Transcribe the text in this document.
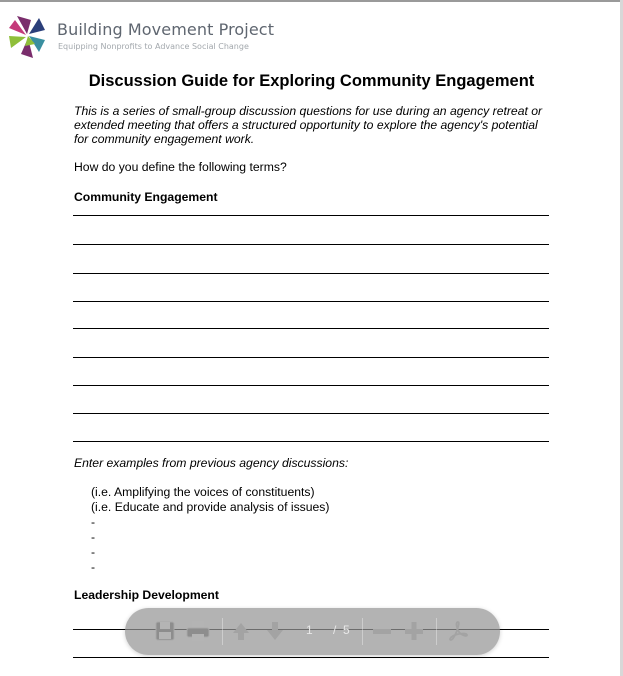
Building Movement Project
Equipping Nonprofits to Advance Social Change
Discussion Guide for Exploring Community Engagement
This is a series of small-group discussion questions for use during an agency retreat or extended meeting that offers a structured opportunity to explore the agency's potential for community engagement work.
How do you define the following terms?
Community Engagement
Enter examples from previous agency discussions:
(i.e. Amplifying the voices of constituents)
(i.e. Educate and provide analysis of issues)
-
-
-
-
Leadership Development
1 / 5
